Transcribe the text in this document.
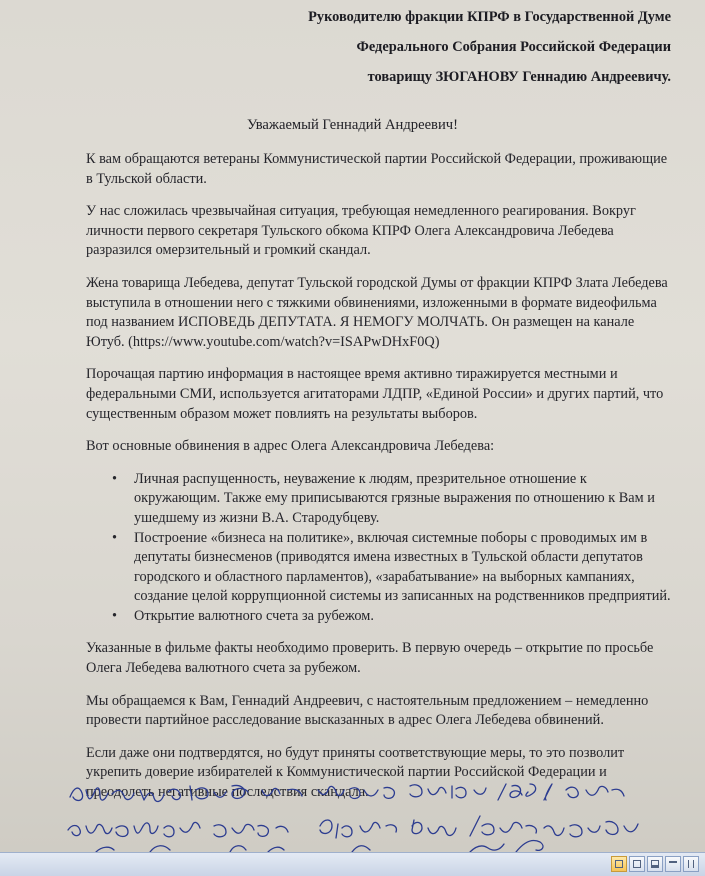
Руководителю фракции КПРФ в Государственной Думе
Федерального Собрания Российской Федерации
товарищу ЗЮГАНОВУ Геннадию Андреевичу.
Уважаемый Геннадий Андреевич!

К вам обращаются ветераны Коммунистической партии Российской Федерации, проживающие в Тульской области.

У нас сложилась чрезвычайная ситуация, требующая немедленного реагирования. Вокруг личности первого секретаря Тульского обкома КПРФ Олега Александровича Лебедева разразился омерзительный и громкий скандал.

Жена товарища Лебедева, депутат Тульской городской Думы от фракции КПРФ Злата Лебедева выступила в отношении него с тяжкими обвинениями, изложенными в формате видеофильма под названием ИСПОВЕДЬ ДЕПУТАТА. Я НЕМОГУ МОЛЧАТЬ. Он размещен на канале Ютуб. (https://www.youtube.com/watch?v=ISAPwDHxF0Q)

Порочащая партию информация в настоящее время активно тиражируется местными и федеральными СМИ, используется агитаторами ЛДПР, «Единой России» и других партий, что существенным образом может повлиять на результаты выборов.

Вот основные обвинения в адрес Олега Александровича Лебедева:

• Личная распущенность, неуважение к людям, презрительное отношение к окружающим. Также ему приписываются грязные выражения по отношению к Вам и ушедшему из жизни В.А. Стародубцеву.
• Построение «бизнеса на политике», включая системные поборы с проводимых им в депутаты бизнесменов (приводятся имена известных в Тульской области депутатов городского и областного парламентов), «зарабатывание» на выборных кампаниях, создание целой коррупционной системы из записанных на родственников предприятий.
• Открытие валютного счета за рубежом.

Указанные в фильме факты необходимо проверить. В первую очередь – открытие по просьбе Олега Лебедева валютного счета за рубежом.

Мы обращаемся к Вам, Геннадий Андреевич, с настоятельным предложением – немедленно провести партийное расследование высказанных в адрес Олега Лебедева обвинений.

Если даже они подтвердятся, но будут приняты соответствующие меры, то это позволит укрепить доверие избирателей к Коммунистической партии Российской Федерации и преодолеть негативные последствия скандала.
